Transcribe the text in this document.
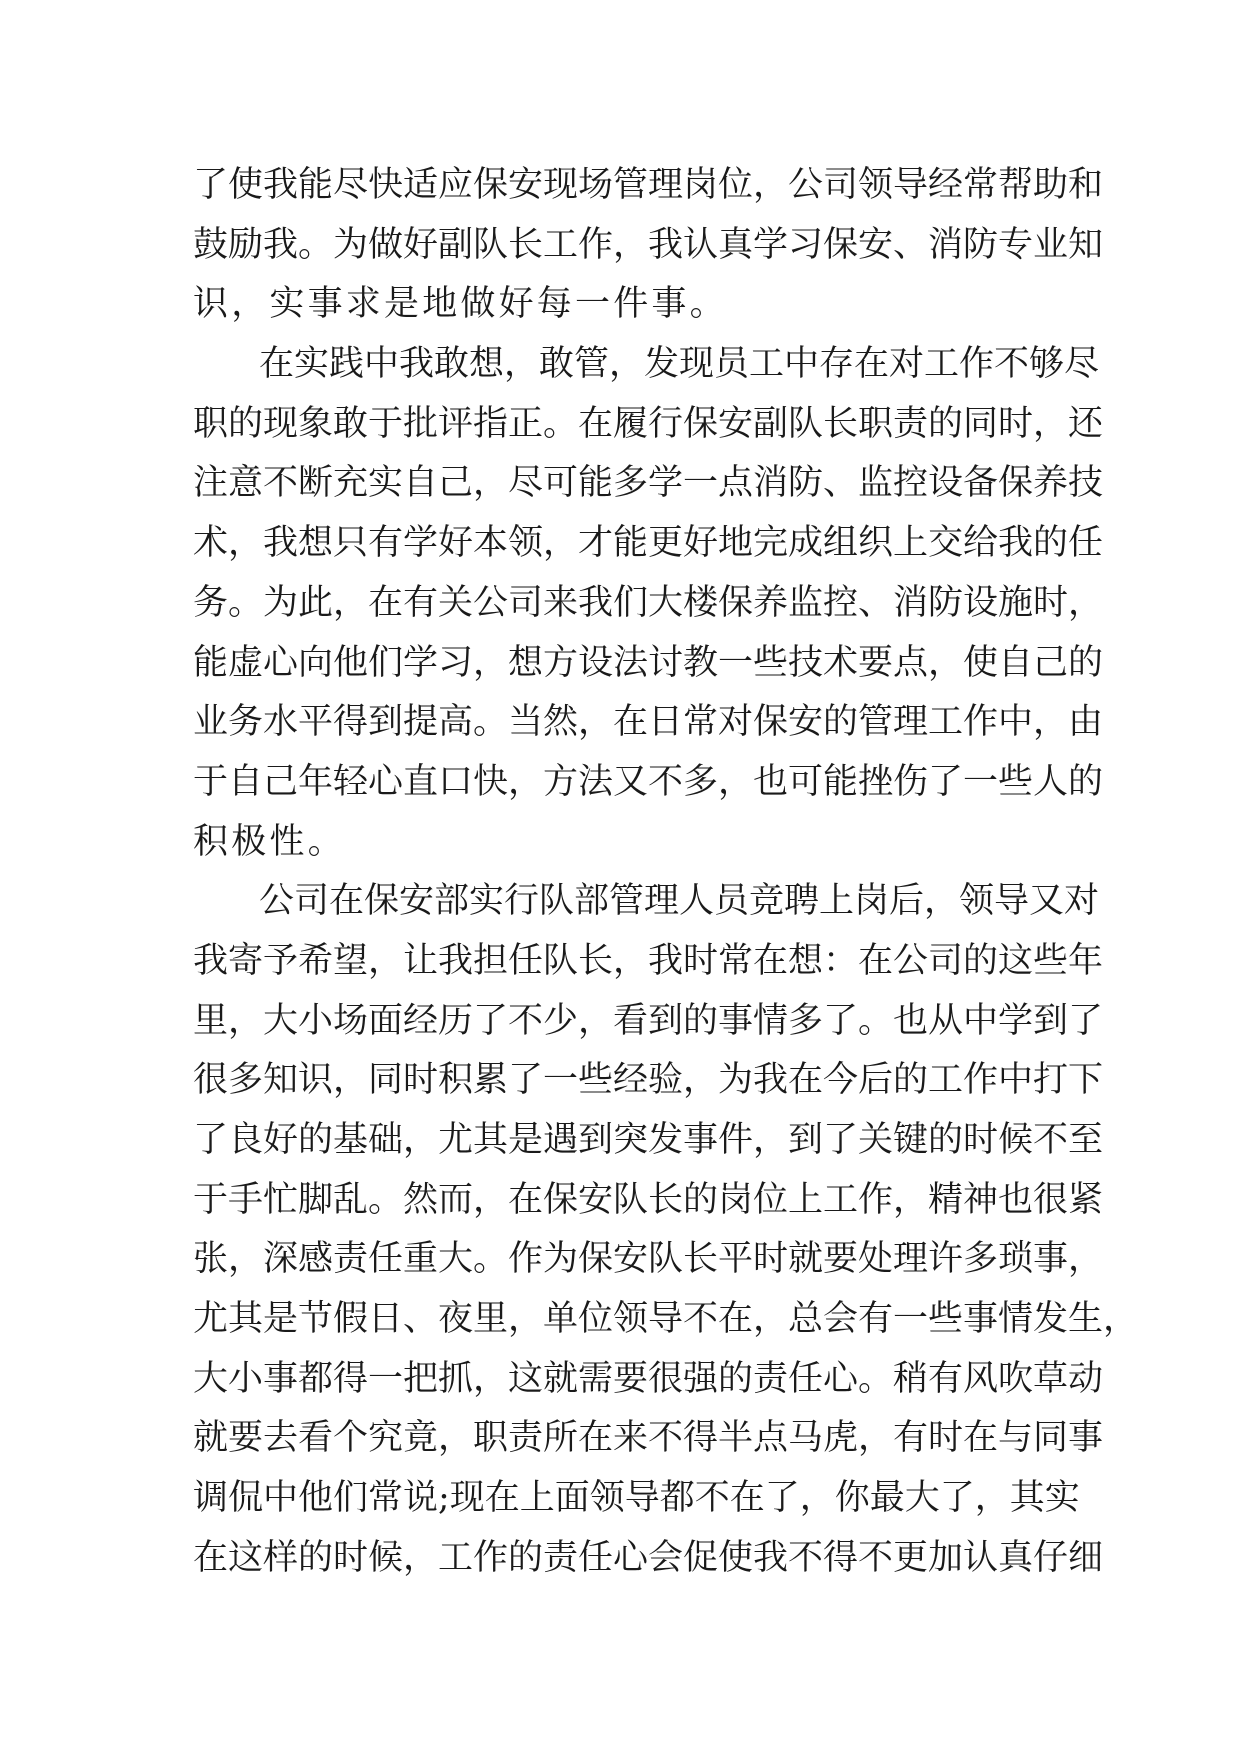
了使我能尽快适应保安现场管理岗位，公司领导经常帮助和
鼓励我。为做好副队长工作，我认真学习保安、消防专业知
识，实事求是地做好每一件事。
在实践中我敢想，敢管，发现员工中存在对工作不够尽
职的现象敢于批评指正。在履行保安副队长职责的同时，还
注意不断充实自己，尽可能多学一点消防、监控设备保养技
术，我想只有学好本领，才能更好地完成组织上交给我的任
务。为此，在有关公司来我们大楼保养监控、消防设施时，
能虚心向他们学习，想方设法讨教一些技术要点，使自己的
业务水平得到提高。当然，在日常对保安的管理工作中，由
于自己年轻心直口快，方法又不多，也可能挫伤了一些人的
积极性。
公司在保安部实行队部管理人员竞聘上岗后，领导又对
我寄予希望，让我担任队长，我时常在想：在公司的这些年
里，大小场面经历了不少，看到的事情多了。也从中学到了
很多知识，同时积累了一些经验，为我在今后的工作中打下
了良好的基础，尤其是遇到突发事件，到了关键的时候不至
于手忙脚乱。然而，在保安队长的岗位上工作，精神也很紧
张，深感责任重大。作为保安队长平时就要处理许多琐事，
尤其是节假日、夜里，单位领导不在，总会有一些事情发生，
大小事都得一把抓，这就需要很强的责任心。稍有风吹草动
就要去看个究竟，职责所在来不得半点马虎，有时在与同事
调侃中他们常说;现在上面领导都不在了，你最大了，其实
在这样的时候，工作的责任心会促使我不得不更加认真仔细
